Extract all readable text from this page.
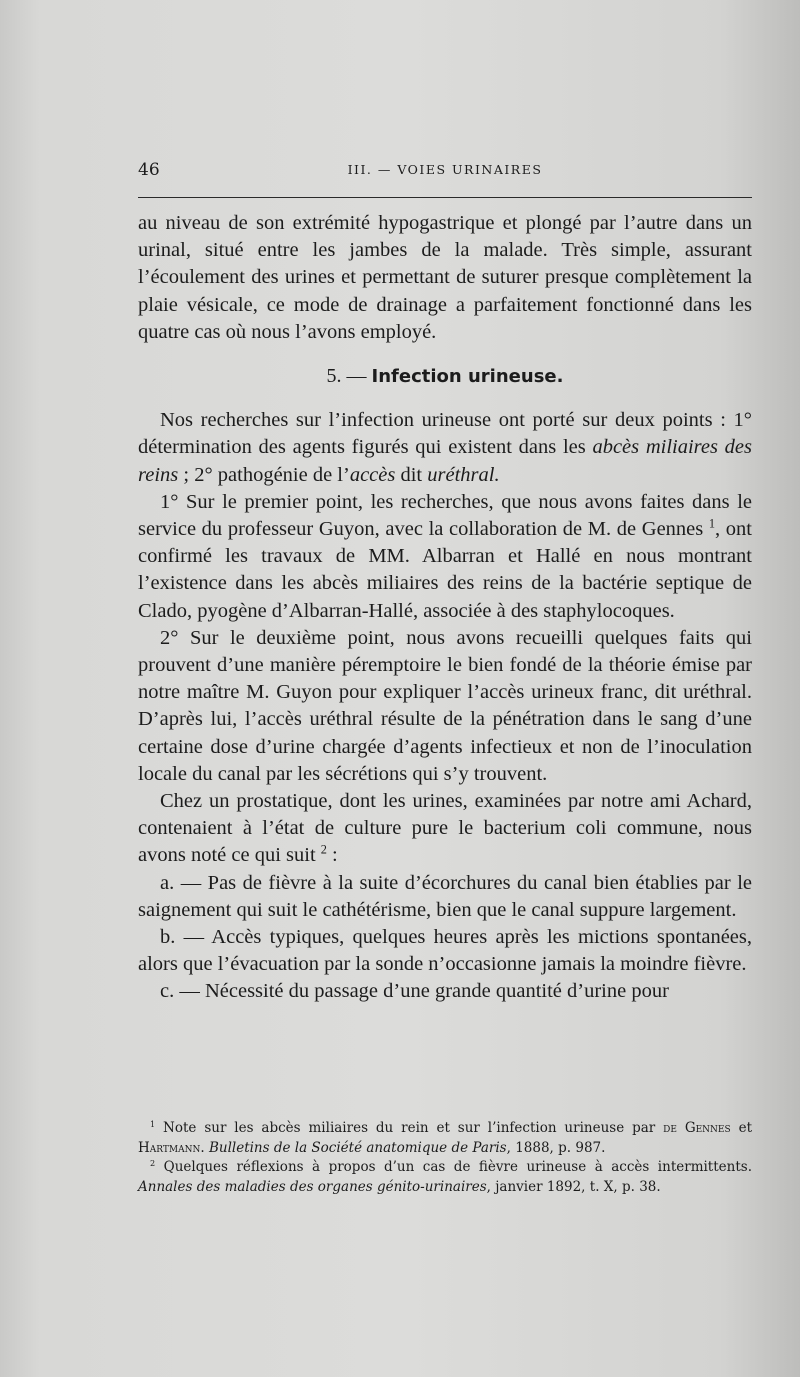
46	III. — VOIES URINAIRES

au niveau de son extrémité hypogastrique et plongé par l’autre dans un urinal, situé entre les jambes de la malade. Très simple, assurant l’écoulement des urines et permettant de suturer presque complètement la plaie vésicale, ce mode de drainage a parfaitement fonctionné dans les quatre cas où nous l’avons employé.

5. — Infection urineuse.

Nos recherches sur l’infection urineuse ont porté sur deux points : 1° détermination des agents figurés qui existent dans les abcès miliaires des reins ; 2° pathogénie de l’accès dit uréthral.

1° Sur le premier point, les recherches, que nous avons faites dans le service du professeur Guyon, avec la collaboration de M. de Gennes $^1$, ont confirmé les travaux de MM. Albarran et Hallé en nous montrant l’existence dans les abcès miliaires des reins de la bactérie septique de Clado, pyogène d’Albarran-Hallé, associée à des staphylocoques.

2° Sur le deuxième point, nous avons recueilli quelques faits qui prouvent d’une manière péremptoire le bien fondé de la théorie émise par notre maître M. Guyon pour expliquer l’accès urineux franc, dit uréthral. D’après lui, l’accès uréthral résulte de la pénétration dans le sang d’une certaine dose d’urine chargée d’agents infectieux et non de l’inoculation locale du canal par les sécrétions qui s’y trouvent.

Chez un prostatique, dont les urines, examinées par notre ami Achard, contenaient à l’état de culture pure le bacterium coli commune, nous avons noté ce qui suit $^2$ :

a. — Pas de fièvre à la suite d’écorchures du canal bien établies par le saignement qui suit le cathétérisme, bien que le canal suppure largement.

b. — Accès typiques, quelques heures après les mictions spontanées, alors que l’évacuation par la sonde n’occasionne jamais la moindre fièvre.

c. — Nécessité du passage d’une grande quantité d’urine pour

$^1$ Note sur les abcès miliaires du rein et sur l’infection urineuse par de Gennes et Hartmann. Bulletins de la Société anatomique de Paris, 1888, p. 987.

$^2$ Quelques réflexions à propos d’un cas de fièvre urineuse à accès intermittents. Annales des maladies des organes génito-urinaires, janvier 1892, t. X, p. 38.
